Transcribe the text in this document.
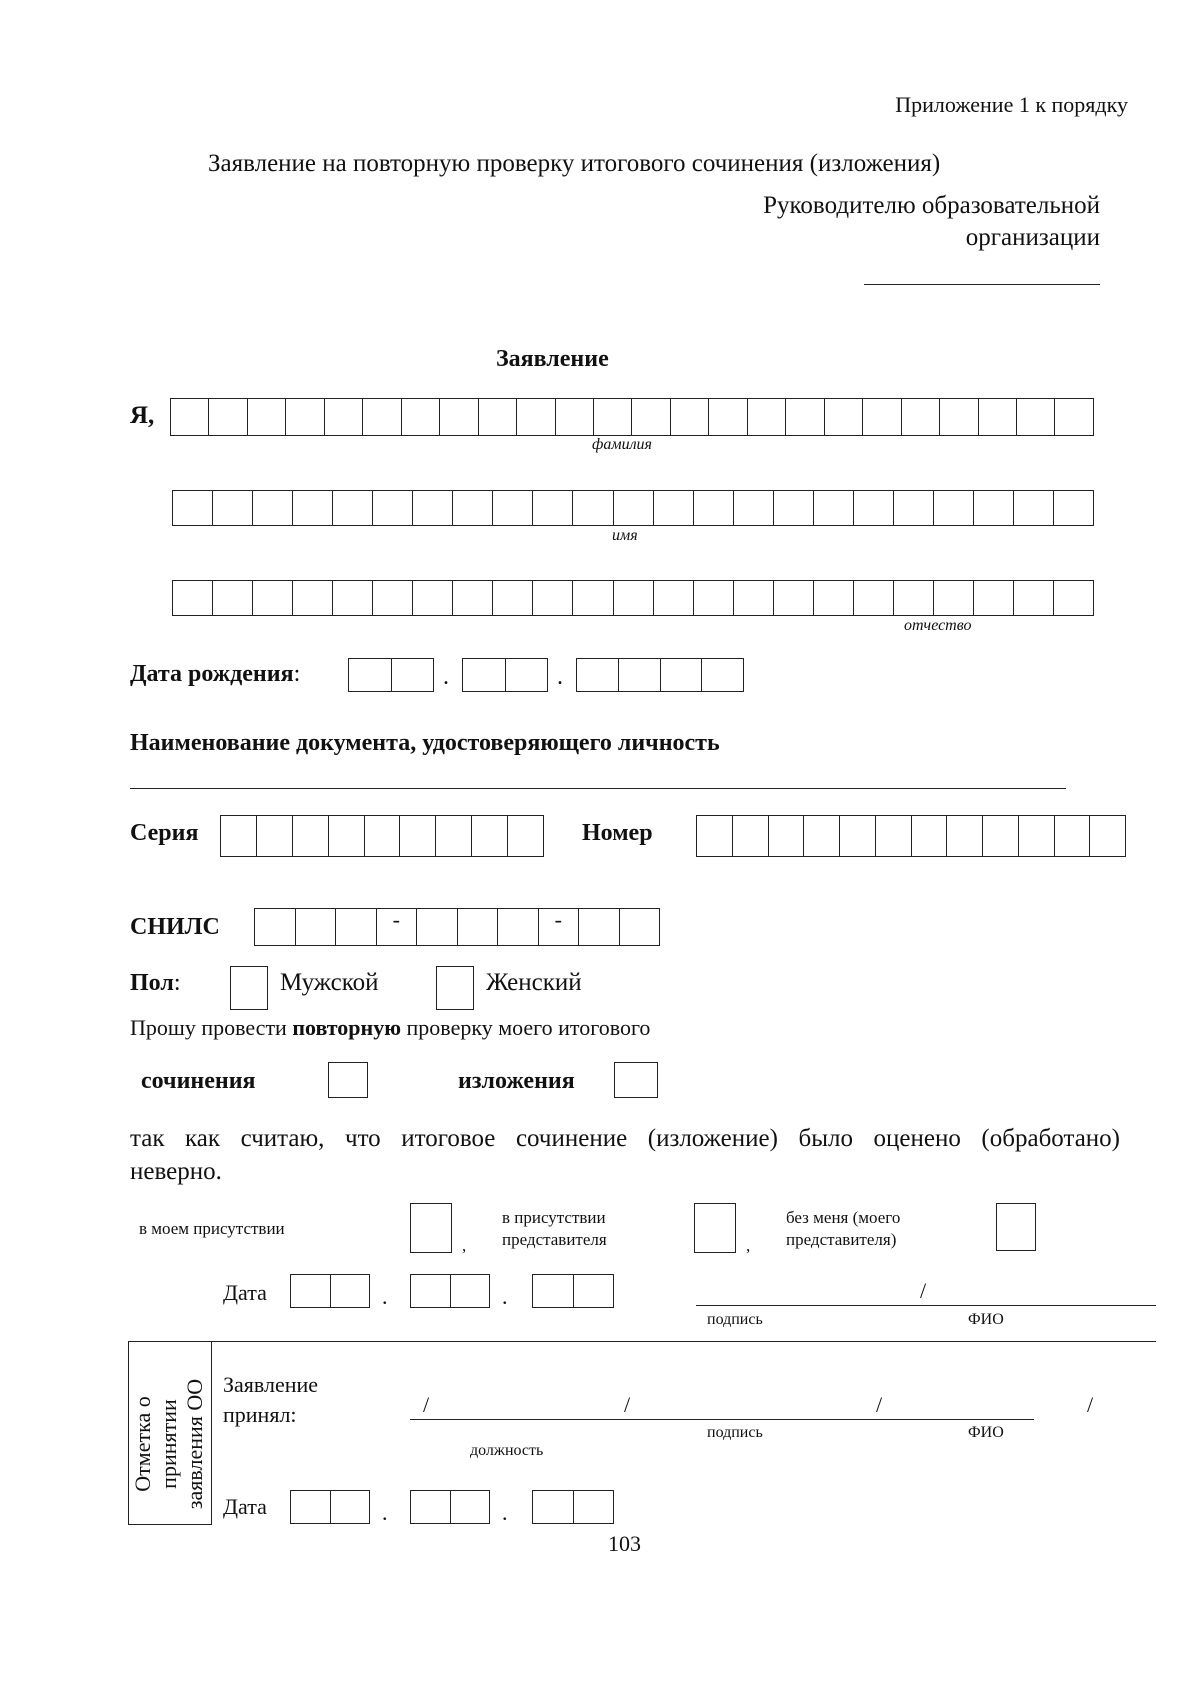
Приложение 1 к порядку
Заявление на повторную проверку итогового сочинения (изложения)
Руководителю образовательной
организации
Заявление
Я,
фамилия
имя
отчество
Дата рождения:	.	.
Наименование документа, удостоверяющего личность
Серия	Номер
СНИЛС	-	-
Пол:	Мужской	Женский
Прошу провести повторную проверку моего итогового
сочинения	изложения
так как считаю, что итоговое сочинение (изложение) было оценено (обработано)
неверно.
в моем присутствии
,
в присутствии
представителя	,
без меня (моего
представителя)
Дата	.	.	/
подпись	ФИО
Отметка о принятии заявления ОО Заявление
принял:	/	/	/	/
должность
подпись	ФИО
Дата	.	.
103
